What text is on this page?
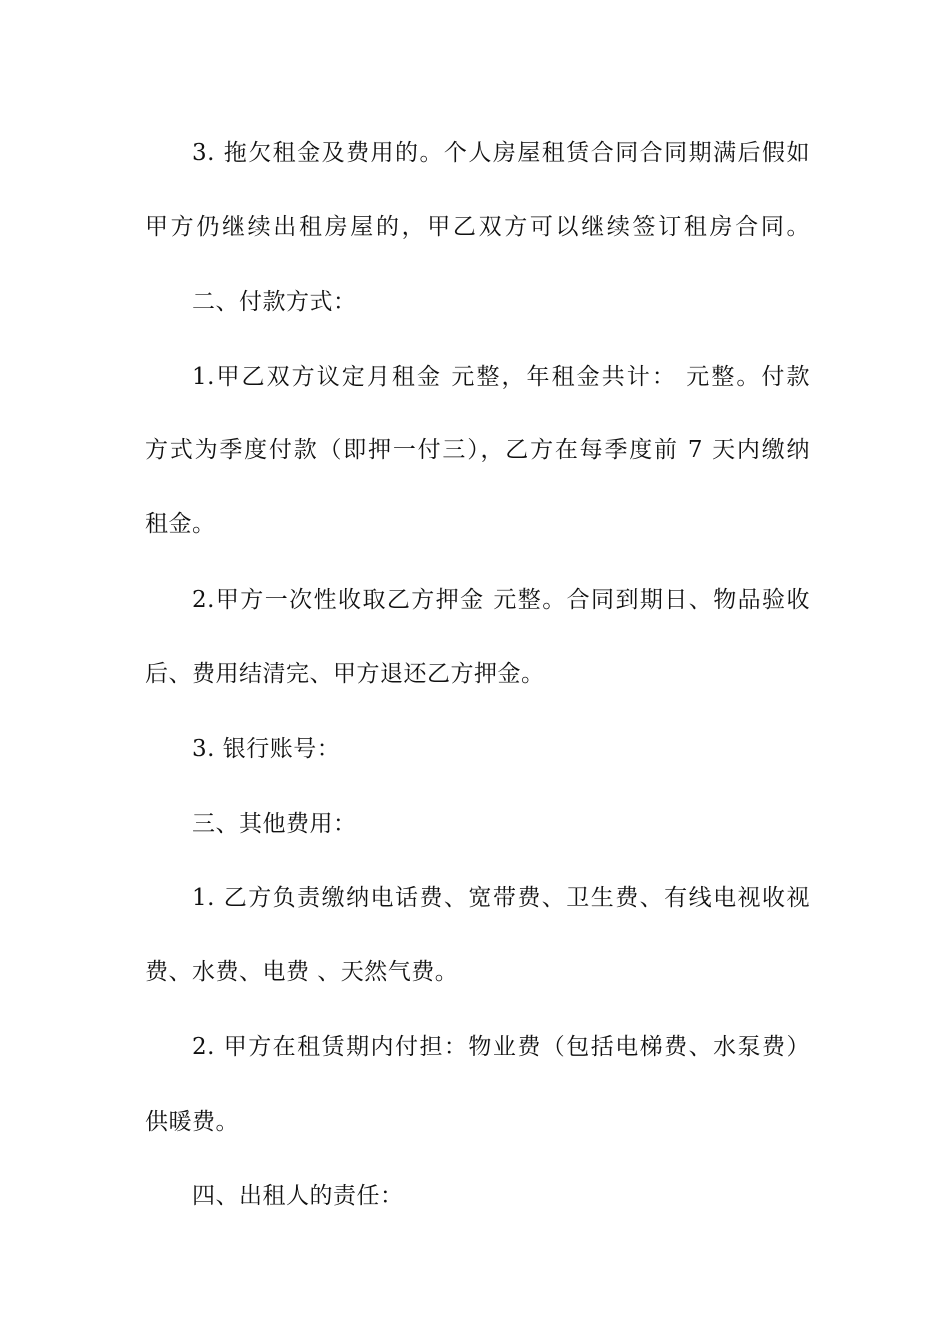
3. 拖欠租金及费用的。个人房屋租赁合同合同期满后假如
甲方仍继续出租房屋的，甲乙双方可以继续签订租房合同。
二、付款方式：
1.甲乙双方议定月租金 元整，年租金共计： 元整。付款
方式为季度付款（即押一付三），乙方在每季度前 7 天内缴纳
租金。
2.甲方一次性收取乙方押金 元整。合同到期日、物品验收
后、费用结清完、甲方退还乙方押金。
3. 银行账号：
三、其他费用：
1. 乙方负责缴纳电话费、宽带费、卫生费、有线电视收视
费、水费、电费 、天然气费。
2. 甲方在租赁期内付担：物业费（包括电梯费、水泵费）
供暖费。
四、出租人的责任：
